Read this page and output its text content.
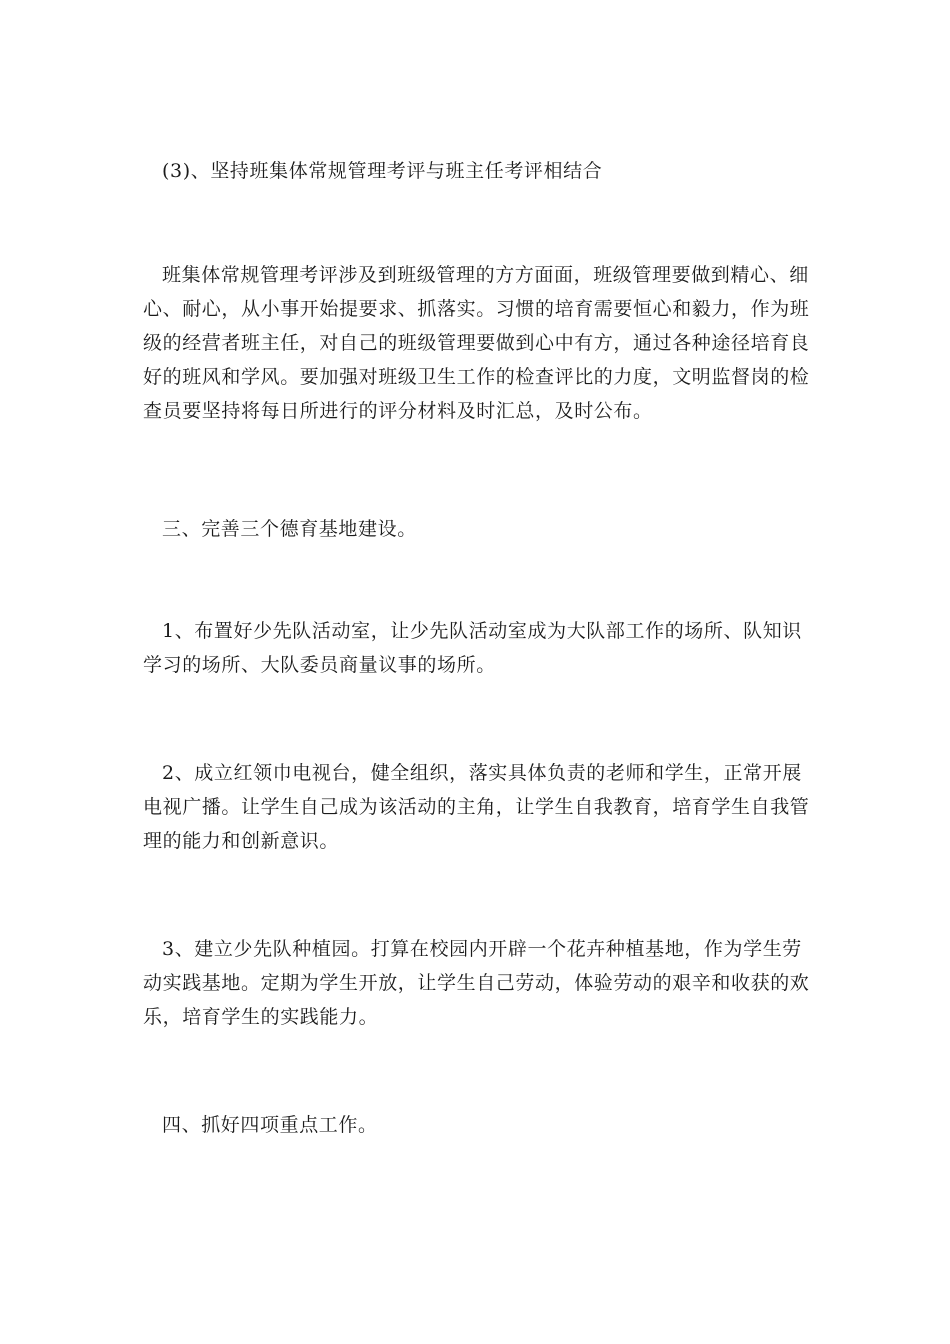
(3)、坚持班集体常规管理考评与班主任考评相结合

班集体常规管理考评涉及到班级管理的方方面面，班级管理要做到精心、细心、耐心，从小事开始提要求、抓落实。习惯的培育需要恒心和毅力，作为班级的经营者班主任，对自己的班级管理要做到心中有方，通过各种途径培育良好的班风和学风。要加强对班级卫生工作的检查评比的力度，文明监督岗的检查员要坚持将每日所进行的评分材料及时汇总，及时公布。

三、完善三个德育基地建设。

1、布置好少先队活动室，让少先队活动室成为大队部工作的场所、队知识学习的场所、大队委员商量议事的场所。

2、成立红领巾电视台，健全组织，落实具体负责的老师和学生，正常开展电视广播。让学生自己成为该活动的主角，让学生自我教育，培育学生自我管理的能力和创新意识。

3、建立少先队种植园。打算在校园内开辟一个花卉种植基地，作为学生劳动实践基地。定期为学生开放，让学生自己劳动，体验劳动的艰辛和收获的欢乐，培育学生的实践能力。

四、抓好四项重点工作。
